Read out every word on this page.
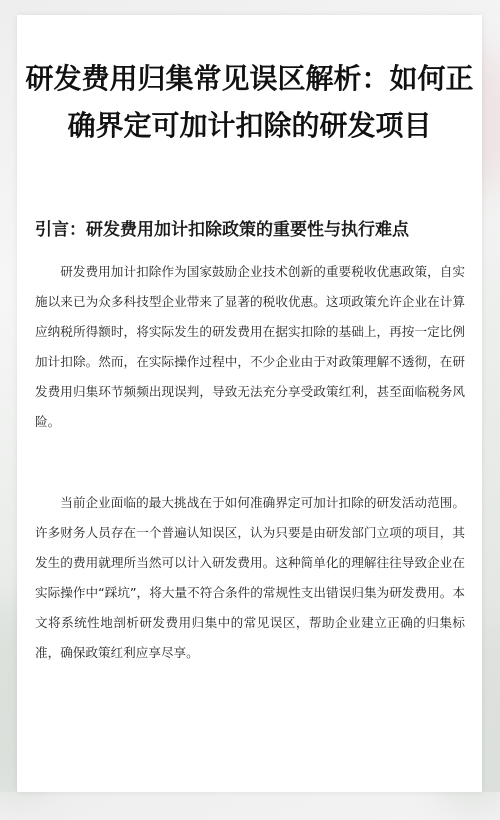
研发费用归集常见误区解析：如何正确界定可加计扣除的研发项目
引言：研发费用加计扣除政策的重要性与执行难点

研发费用加计扣除作为国家鼓励企业技术创新的重要税收优惠政策，自实施以来已为众多科技型企业带来了显著的税收优惠。这项政策允许企业在计算应纳税所得额时，将实际发生的研发费用在据实扣除的基础上，再按一定比例加计扣除。然而，在实际操作过程中，不少企业由于对政策理解不透彻，在研发费用归集环节频频出现误判，导致无法充分享受政策红利，甚至面临税务风险。

当前企业面临的最大挑战在于如何准确界定可加计扣除的研发活动范围。许多财务人员存在一个普遍认知误区，认为只要是由研发部门立项的项目，其发生的费用就理所当然可以计入研发费用。这种简单化的理解往往导致企业在实际操作中“踩坑”，将大量不符合条件的常规性支出错误归集为研发费用。本文将系统性地剖析研发费用归集中的常见误区，帮助企业建立正确的归集标准，确保政策红利应享尽享。
